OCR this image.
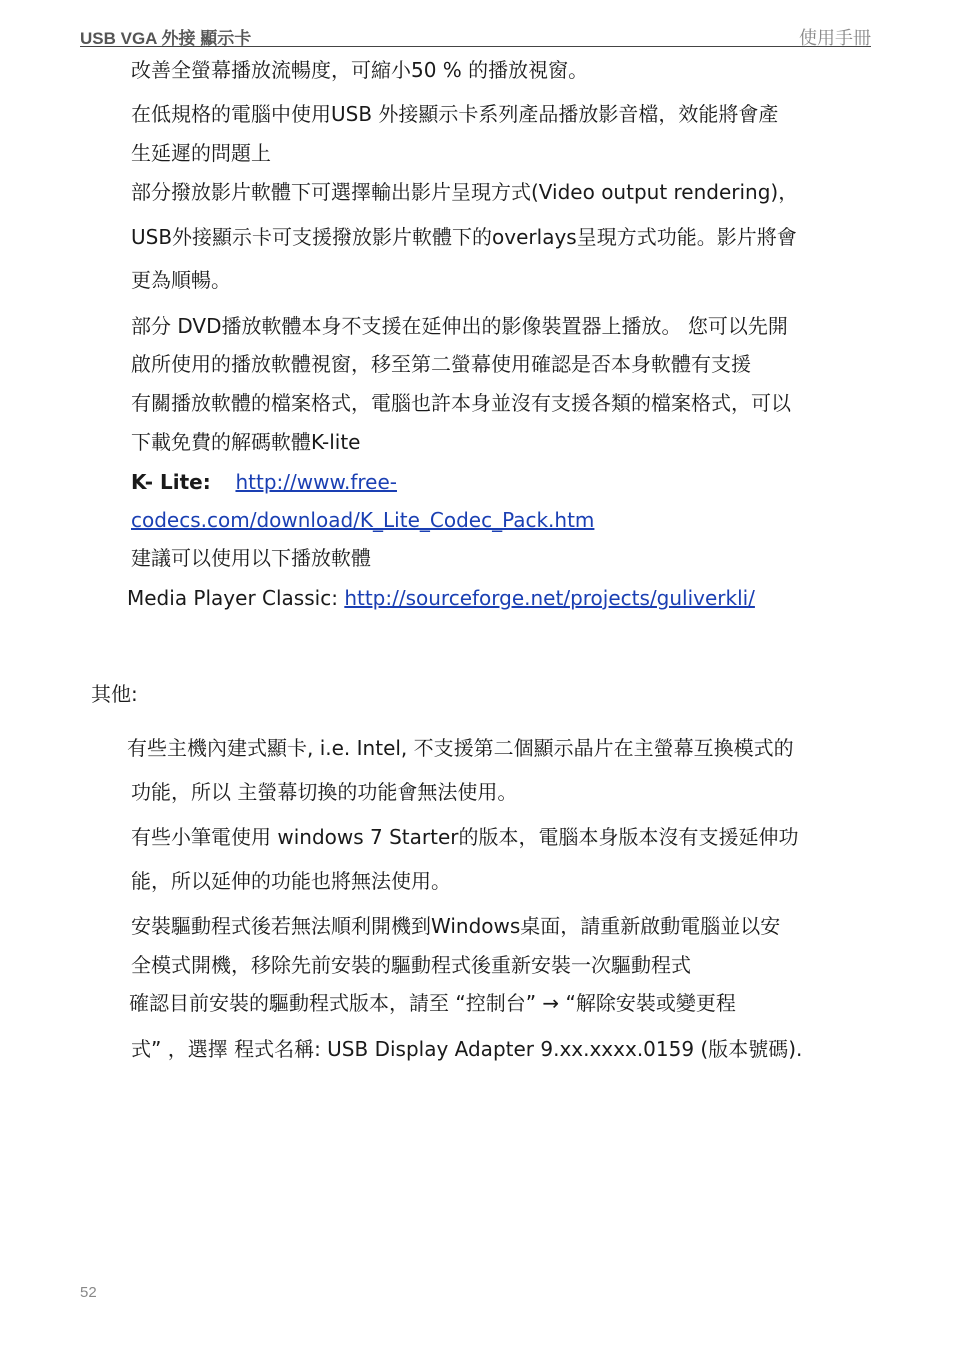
USB VGA 外接 顯示卡	使用手冊
改善全螢幕播放流暢度，可縮小50 % 的播放視窗。
在低規格的電腦中使用USB 外接顯示卡系列產品播放影音檔，效能將會產
生延遲的問題上
部分撥放影片軟體下可選擇輸出影片呈現方式(Video output rendering)，
USB外接顯示卡可支援撥放影片軟體下的overlays呈現方式功能。影片將會
更為順暢。
部分 DVD播放軟體本身不支援在延伸出的影像裝置器上播放。 您可以先開
啟所使用的播放軟體視窗，移至第二螢幕使用確認是否本身軟體有支援
有關播放軟體的檔案格式，電腦也許本身並沒有支援各類的檔案格式，可以
下載免費的解碼軟體K-lite
K- Lite: http://www.free-
codecs.com/download/K_Lite_Codec_Pack.htm
建議可以使用以下播放軟體
Media Player Classic: http://sourceforge.net/projects/guliverkli/
其他:
有些主機內建式顯卡, i.e. Intel, 不支援第二個顯示晶片在主螢幕互換模式的
功能，所以 主螢幕切換的功能會無法使用。
有些小筆電使用 windows 7 Starter的版本，電腦本身版本沒有支援延伸功
能，所以延伸的功能也將無法使用。
安裝驅動程式後若無法順利開機到Windows桌面，請重新啟動電腦並以安
全模式開機，移除先前安裝的驅動程式後重新安裝一次驅動程式
確認目前安裝的驅動程式版本，請至 “控制台” → “解除安裝或變更程
式” ，選擇 程式名稱: USB Display Adapter 9.xx.xxxx.0159 (版本號碼).
52
